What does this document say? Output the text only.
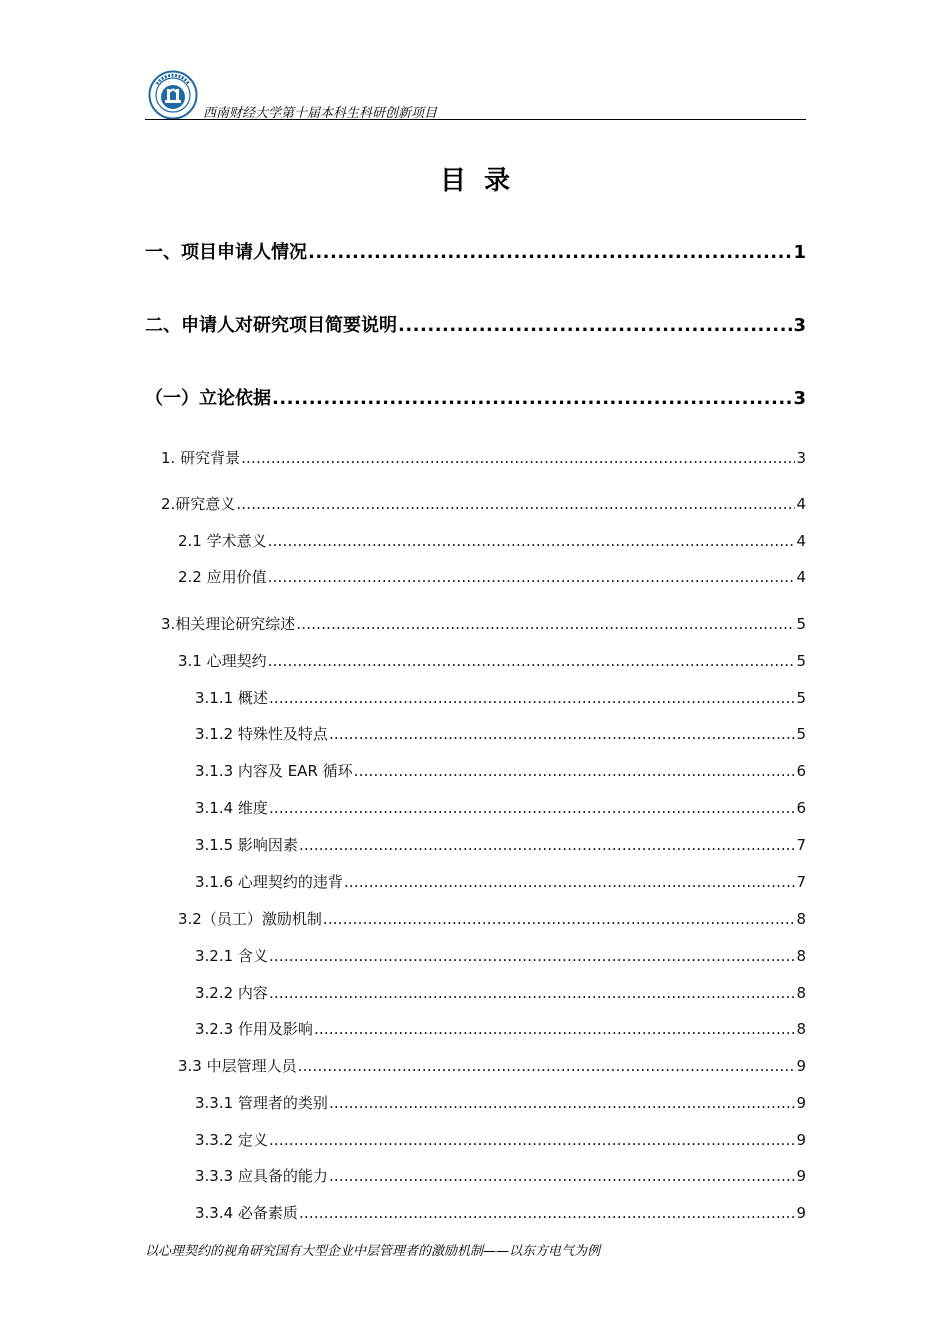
西南财经大学第十届本科生科研创新项目
目录
一、项目申请人情况 .....	1
二、申请人对研究项目简要说明 .....	3
（一）立论依据 .....	3
1. 研究背景 .....	3
2.研究意义 .....	4
2.1 学术意义 .....	4
2.2 应用价值 .....	4
3.相关理论研究综述 .....	5
3.1 心理契约 .....	5
3.1.1 概述 .....	5
3.1.2 特殊性及特点 .....	5
3.1.3 内容及 EAR 循环 .....	6
3.1.4 维度 .....	6
3.1.5 影响因素 .....	7
3.1.6 心理契约的违背 .....	7
3.2（员工）激励机制 .....	8
3.2.1 含义 .....	8
3.2.2 内容 .....	8
3.2.3 作用及影响 .....	8
3.3 中层管理人员 .....	9
3.3.1 管理者的类别 .....	9
3.3.2 定义 .....	9
3.3.3 应具备的能力 .....	9
3.3.4 必备素质 .....	9
以心理契约的视角研究国有大型企业中层管理者的激励机制——以东方电气为例
